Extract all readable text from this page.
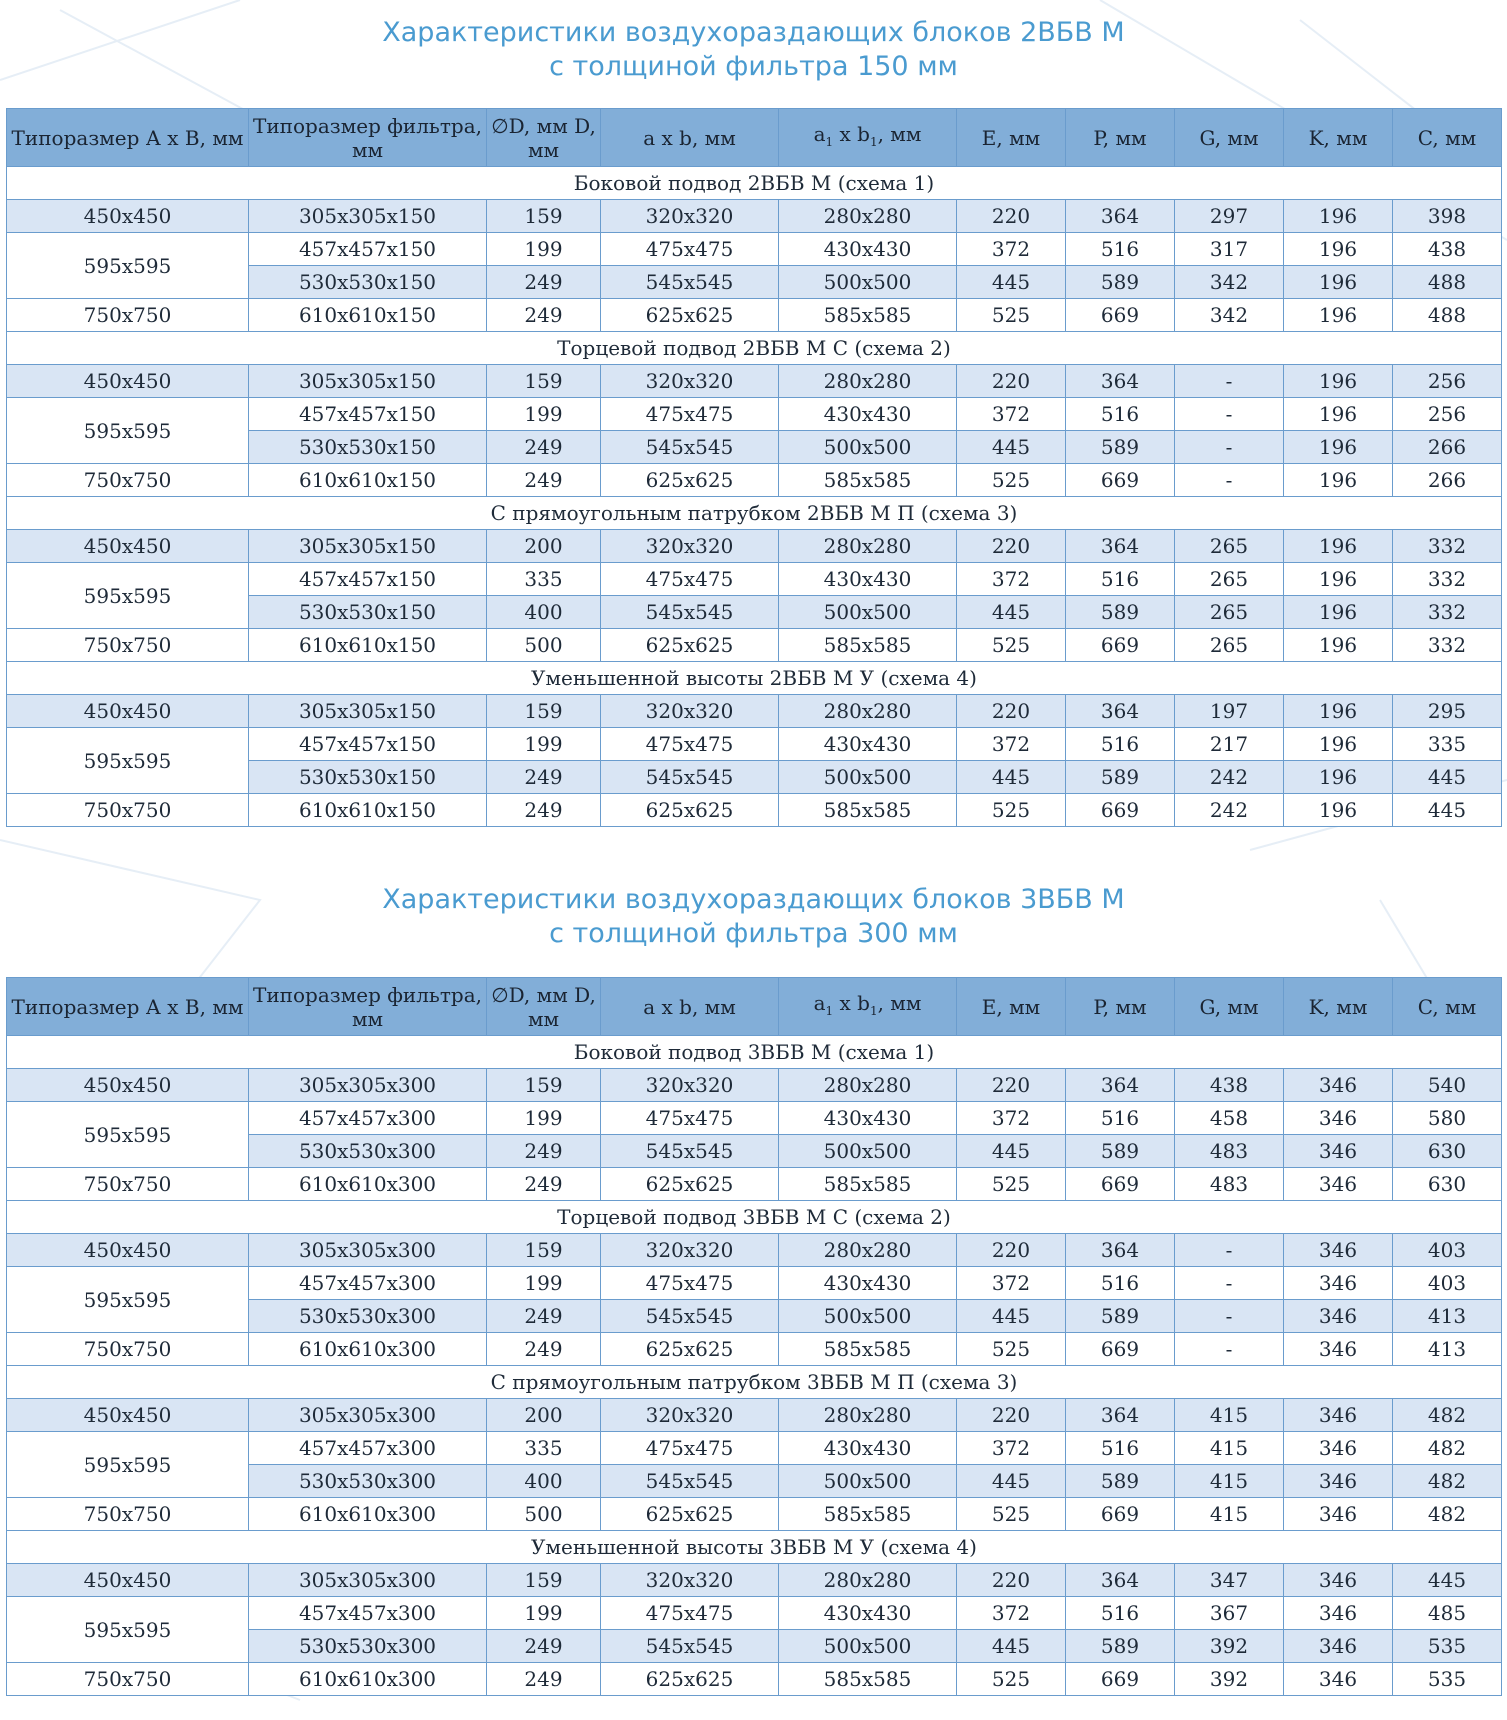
Характеристики воздухораздающих блоков 2ВБВ М
с толщиной фильтра 150 мм
Типоразмер А х В, мм	Типоразмер фильтра, мм	∅D, мм D, мм	a x b, мм	$a_1$ x $b_1$, мм	E, мм	P, мм	G, мм	K, мм	C, мм
Боковой подвод 2ВБВ М (схема 1)									
450х450	305x305x150	159	320x320	280x280	220	364	297	196	398
595х595	457x457x150	199	475x475	430x430	372	516	317	196	438
	530x530x150	249	545x545	500x500	445	589	342	196	488
750х750	610x610x150	249	625x625	585x585	525	669	342	196	488
Торцевой подвод 2ВБВ М С (схема 2)									
450х450	305x305x150	159	320x320	280x280	220	364	-	196	256
595х595	457x457x150	199	475x475	430x430	372	516	-	196	256
	530x530x150	249	545x545	500x500	445	589	-	196	266
750х750	610x610x150	249	625x625	585x585	525	669	-	196	266
С прямоугольным патрубком 2ВБВ М П (схема 3)									
450х450	305x305x150	200	320x320	280x280	220	364	265	196	332
595х595	457x457x150	335	475x475	430x430	372	516	265	196	332
	530x530x150	400	545x545	500x500	445	589	265	196	332
750х750	610x610x150	500	625x625	585x585	525	669	265	196	332
Уменьшенной высоты 2ВБВ М У (схема 4)									
450х450	305x305x150	159	320x320	280x280	220	364	197	196	295
595х595	457x457x150	199	475x475	430x430	372	516	217	196	335
	530x530x150	249	545x545	500x500	445	589	242	196	445
750х750	610x610x150	249	625x625	585x585	525	669	242	196	445
Характеристики воздухораздающих блоков 3ВБВ М
с толщиной фильтра 300 мм
Типоразмер А х В, мм	Типоразмер фильтра, мм	∅D, мм D, мм	a x b, мм	$a_1$ x $b_1$, мм	E, мм	P, мм	G, мм	K, мм	C, мм
Боковой подвод 3ВБВ М (схема 1)									
450х450	305x305x300	159	320x320	280x280	220	364	438	346	540
595х595	457x457x300	199	475x475	430x430	372	516	458	346	580
	530x530x300	249	545x545	500x500	445	589	483	346	630
750х750	610x610x300	249	625x625	585x585	525	669	483	346	630
Торцевой подвод 3ВБВ М С (схема 2)									
450х450	305x305x300	159	320x320	280x280	220	364	-	346	403
595х595	457x457x300	199	475x475	430x430	372	516	-	346	403
	530x530x300	249	545x545	500x500	445	589	-	346	413
750х750	610x610x300	249	625x625	585x585	525	669	-	346	413
С прямоугольным патрубком 3ВБВ М П (схема 3)									
450х450	305x305x300	200	320x320	280x280	220	364	415	346	482
595х595	457x457x300	335	475x475	430x430	372	516	415	346	482
	530x530x300	400	545x545	500x500	445	589	415	346	482
750х750	610x610x300	500	625x625	585x585	525	669	415	346	482
Уменьшенной высоты 3ВБВ М У (схема 4)									
450х450	305x305x300	159	320x320	280x280	220	364	347	346	445
595х595	457x457x300	199	475x475	430x430	372	516	367	346	485
	530x530x300	249	545x545	500x500	445	589	392	346	535
750х750	610x610x300	249	625x625	585x585	525	669	392	346	535
